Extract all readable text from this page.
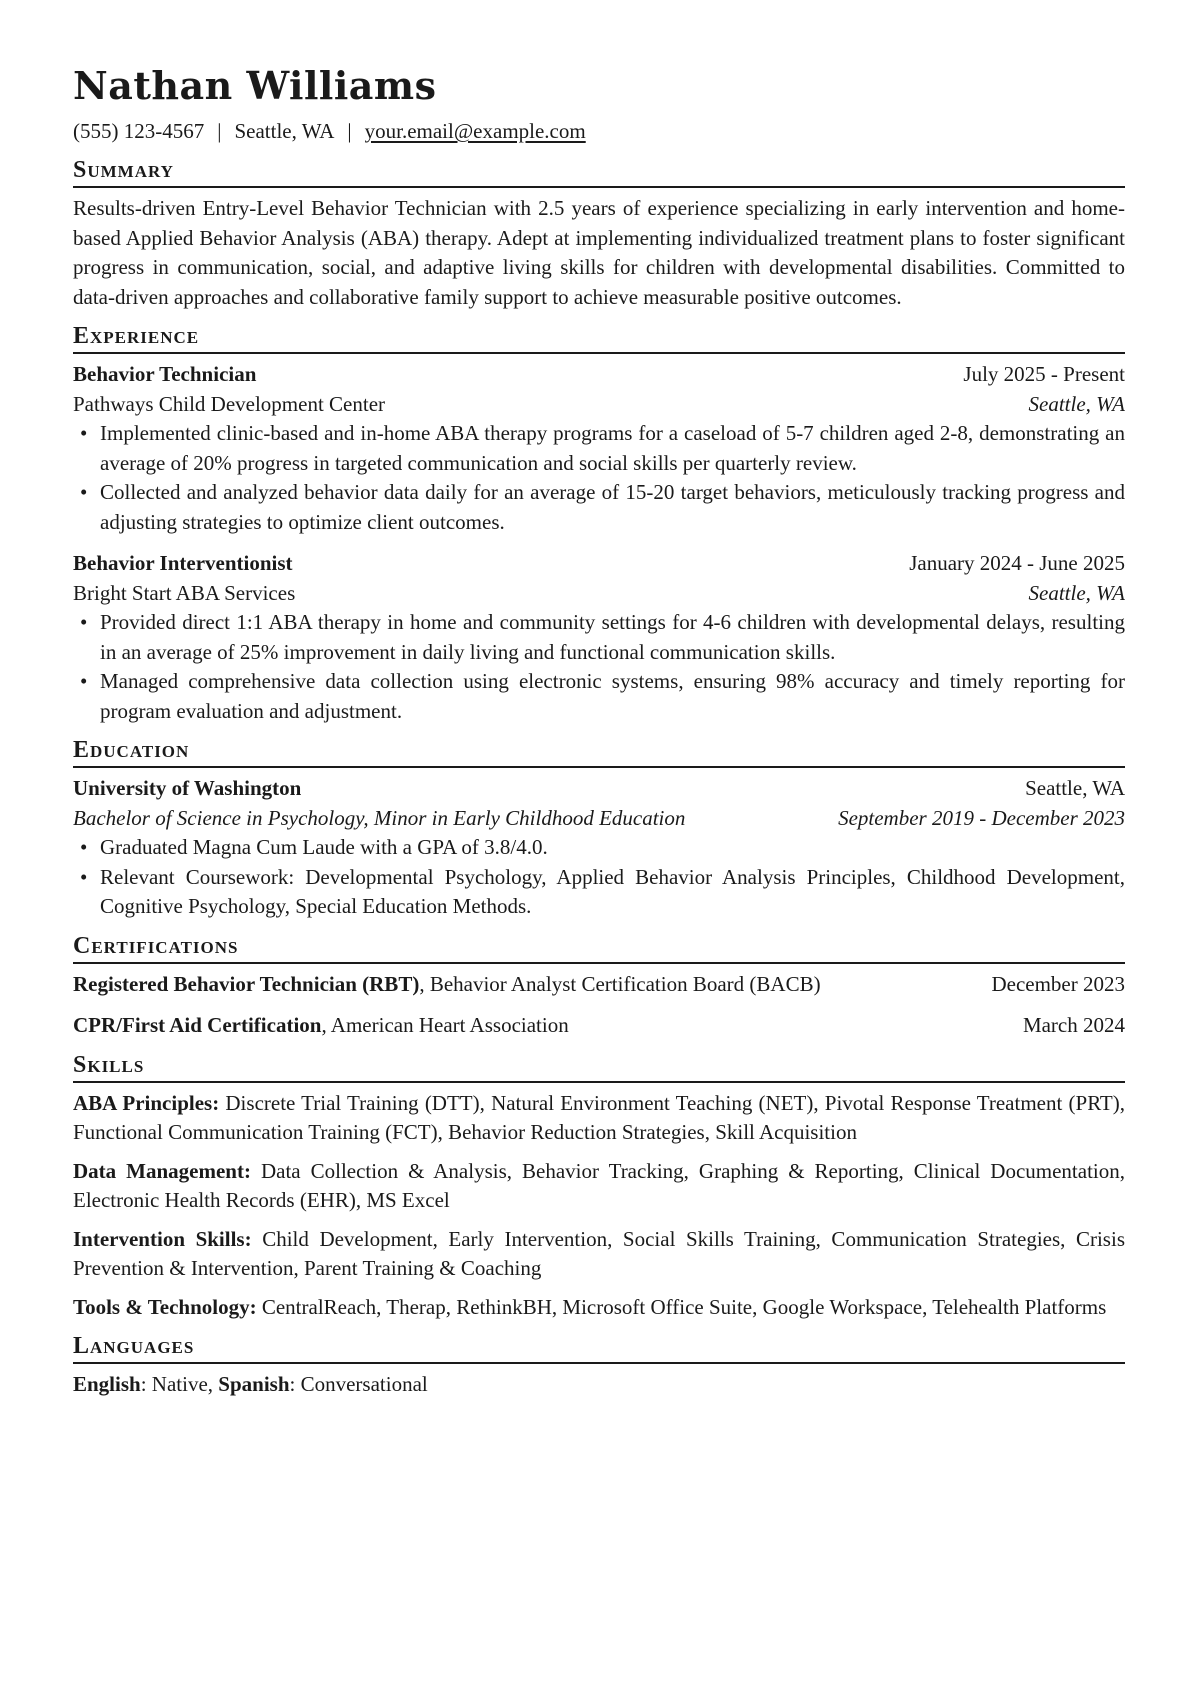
Nathan Williams
(555) 123-4567 | Seattle, WA | your.email@example.com
Summary

Results-driven Entry-Level Behavior Technician with 2.5 years of experience specializing in early intervention and home-based Applied Behavior Analysis (ABA) therapy. Adept at implementing individualized treatment plans to foster significant progress in communication, social, and adaptive living skills for children with developmental disabilities. Committed to data-driven approaches and collaborative family support to achieve measurable positive outcomes.

Experience
Behavior Technician	July 2025 - Present
Pathways Child Development Center	Seattle, WA
• Implemented clinic-based and in-home ABA therapy programs for a caseload of 5-7 children aged 2-8, demonstrating an average of 20% progress in targeted communication and social skills per quarterly review.
• Collected and analyzed behavior data daily for an average of 15-20 target behaviors, meticulously tracking progress and adjusting strategies to optimize client outcomes.
Behavior Interventionist	January 2024 - June 2025
Bright Start ABA Services	Seattle, WA
• Provided direct 1:1 ABA therapy in home and community settings for 4-6 children with developmental delays, resulting in an average of 25% improvement in daily living and functional communication skills.
• Managed comprehensive data collection using electronic systems, ensuring 98% accuracy and timely reporting for program evaluation and adjustment.
Education
University of Washington	Seattle, WA
Bachelor of Science in Psychology, Minor in Early Childhood Education	September 2019 - December 2023
• Graduated Magna Cum Laude with a GPA of 3.8/4.0.
• Relevant Coursework: Developmental Psychology, Applied Behavior Analysis Principles, Childhood Development, Cognitive Psychology, Special Education Methods.
Certifications
Registered Behavior Technician (RBT), Behavior Analyst Certification Board (BACB)	December 2023
CPR/First Aid Certification, American Heart Association	March 2024
Skills
ABA Principles: Discrete Trial Training (DTT), Natural Environment Teaching (NET), Pivotal Response Treatment (PRT), Functional Communication Training (FCT), Behavior Reduction Strategies, Skill Acquisition
Data Management: Data Collection & Analysis, Behavior Tracking, Graphing & Reporting, Clinical Documentation, Electronic Health Records (EHR), MS Excel
Intervention Skills: Child Development, Early Intervention, Social Skills Training, Communication Strategies, Crisis Prevention & Intervention, Parent Training & Coaching
Tools & Technology: CentralReach, Therap, RethinkBH, Microsoft Office Suite, Google Workspace, Telehealth Platforms
Languages
English: Native, Spanish: Conversational
